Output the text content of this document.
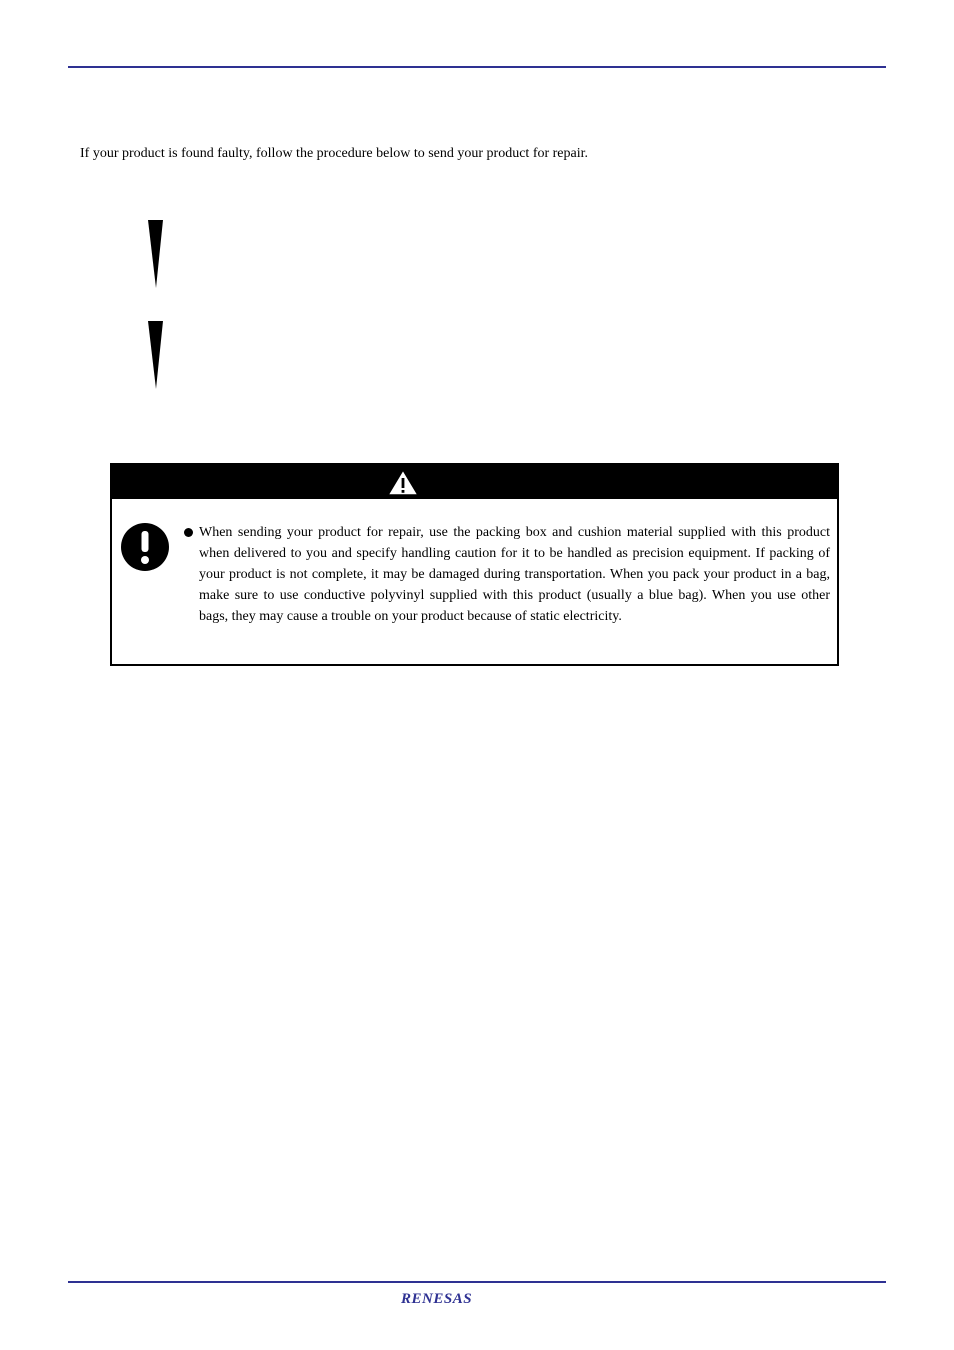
If your product is found faulty, follow the procedure below to send your product for repair.
When sending your product for repair, use the packing box and cushion material supplied with this product when delivered to you and specify handling caution for it to be handled as precision equipment. If packing of your product is not complete, it may be damaged during transportation. When you pack your product in a bag, make sure to use conductive polyvinyl supplied with this product (usually a blue bag). When you use other bags, they may cause a trouble on your product because of static electricity.
RENESAS
